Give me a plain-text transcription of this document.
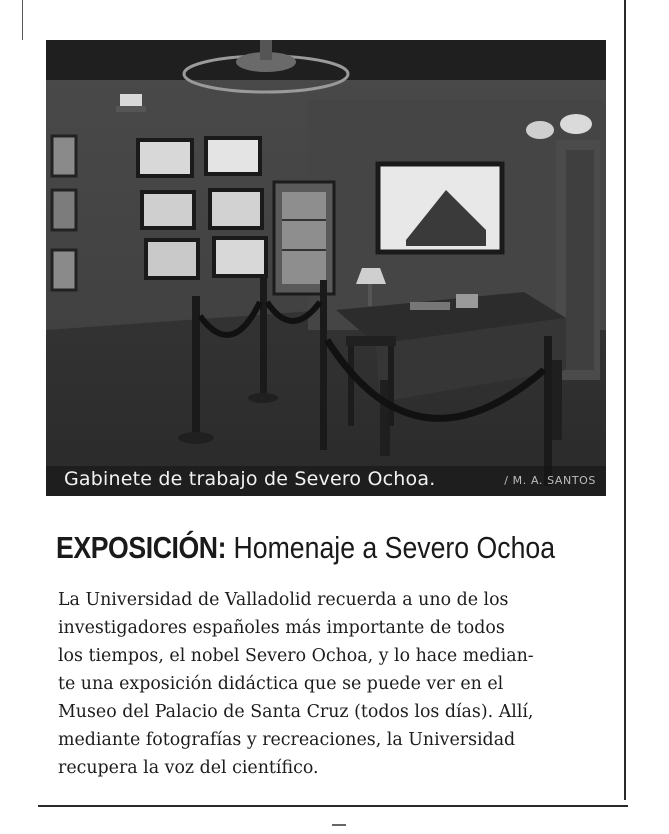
Gabinete de trabajo de Severo Ochoa.	/ M. A. SANTOS
EXPOSICIÓN: Homenaje a Severo Ochoa
La Universidad de Valladolid recuerda a uno de los
investigadores españoles más importante de todos
los tiempos, el nobel Severo Ochoa, y lo hace median-
te una exposición didáctica que se puede ver en el
Museo del Palacio de Santa Cruz (todos los días). Allí,
mediante fotografías y recreaciones, la Universidad
recupera la voz del científico.
